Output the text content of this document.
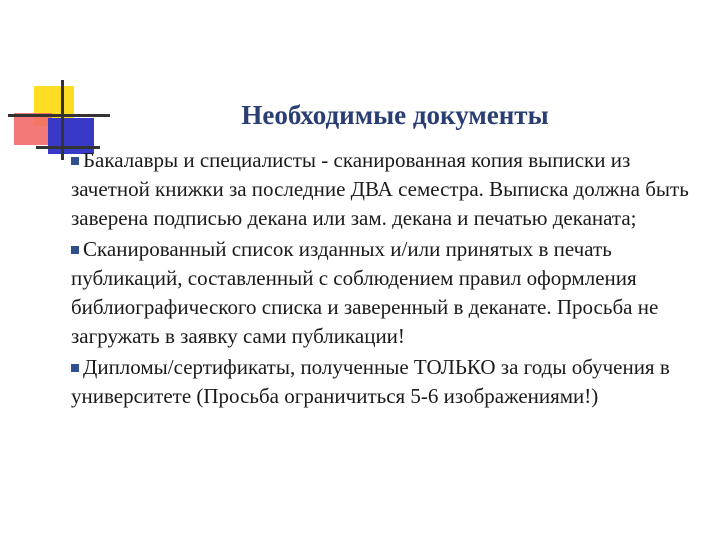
Необходимые документы

Бакалавры и специалисты - сканированная копия выписки из зачетной книжки за последние ДВА семестра. Выписка должна быть заверена подписью декана или зам. декана и печатью деканата;

Сканированный список изданных и/или принятых в печать публикаций, составленный с соблюдением правил оформления библиографического списка и заверенный в деканате. Просьба не загружать в заявку сами публикации!

Дипломы/сертификаты, полученные ТОЛЬКО за годы обучения в университете (Просьба ограничиться 5-6 изображениями!)
